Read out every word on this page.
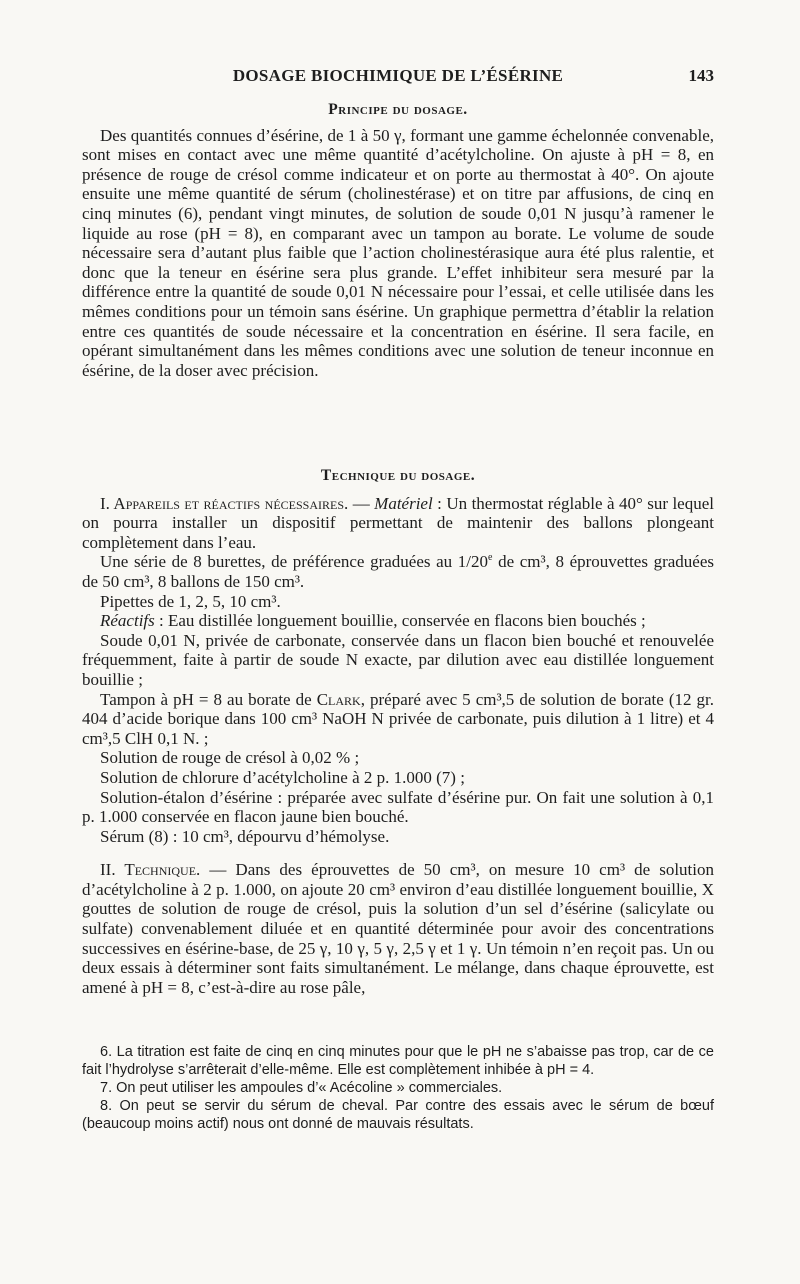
DOSAGE BIOCHIMIQUE DE L’ÉSÉRINE	143
Principe du dosage.

Des quantités connues d’ésérine, de 1 à 50 γ, formant une gamme échelonnée convenable, sont mises en contact avec une même quantité d’acétylcholine. On ajuste à pH = 8, en présence de rouge de crésol comme indicateur et on porte au thermostat à 40°. On ajoute ensuite une même quantité de sérum (cholinestérase) et on titre par affusions, de cinq en cinq minutes (6), pendant vingt minutes, de solution de soude 0,01 N jusqu’à ramener le liquide au rose (pH = 8), en comparant avec un tampon au borate. Le volume de soude nécessaire sera d’autant plus faible que l’action cholinestérasique aura été plus ralentie, et donc que la teneur en ésérine sera plus grande. L’effet inhibiteur sera mesuré par la différence entre la quantité de soude 0,01 N nécessaire pour l’essai, et celle utilisée dans les mêmes conditions pour un témoin sans ésérine. Un graphique permettra d’établir la relation entre ces quantités de soude nécessaire et la concentration en ésérine. Il sera facile, en opérant simultanément dans les mêmes conditions avec une solution de teneur inconnue en ésérine, de la doser avec précision.

Technique du dosage.

I. Appareils et réactifs nécessaires. — Matériel : Un thermostat réglable à 40° sur lequel on pourra installer un dispositif permettant de maintenir des ballons plongeant complètement dans l’eau.

Une série de 8 burettes, de préférence graduées au 1/20e de cm³, 8 éprouvettes graduées de 50 cm³, 8 ballons de 150 cm³.

Pipettes de 1, 2, 5, 10 cm³.

Réactifs : Eau distillée longuement bouillie, conservée en flacons bien bouchés ;

Soude 0,01 N, privée de carbonate, conservée dans un flacon bien bouché et renouvelée fréquemment, faite à partir de soude N exacte, par dilution avec eau distillée longuement bouillie ;

Tampon à pH = 8 au borate de Clark, préparé avec 5 cm³,5 de solution de borate (12 gr. 404 d’acide borique dans 100 cm³ NaOH N privée de carbonate, puis dilution à 1 litre) et 4 cm³,5 ClH 0,1 N. ;

Solution de rouge de crésol à 0,02 % ;

Solution de chlorure d’acétylcholine à 2 p. 1.000 (7) ;

Solution-étalon d’ésérine : préparée avec sulfate d’ésérine pur. On fait une solution à 0,1 p. 1.000 conservée en flacon jaune bien bouché.

Sérum (8) : 10 cm³, dépourvu d’hémolyse.

II. Technique. — Dans des éprouvettes de 50 cm³, on mesure 10 cm³ de solution d’acétylcholine à 2 p. 1.000, on ajoute 20 cm³ environ d’eau distillée longuement bouillie, X gouttes de solution de rouge de crésol, puis la solution d’un sel d’ésérine (salicylate ou sulfate) convenablement diluée et en quantité déterminée pour avoir des concentrations successives en ésérine-base, de 25 γ, 10 γ, 5 γ, 2,5 γ et 1 γ. Un témoin n’en reçoit pas. Un ou deux essais à déterminer sont faits simultanément. Le mélange, dans chaque éprouvette, est amené à pH = 8, c’est-à-dire au rose pâle,

6. La titration est faite de cinq en cinq minutes pour que le pH ne s’abaisse pas trop, car de ce fait l’hydrolyse s’arrêterait d’elle-même. Elle est complètement inhibée à pH = 4.

7. On peut utiliser les ampoules d’« Acécoline » commerciales.

8. On peut se servir du sérum de cheval. Par contre des essais avec le sérum de bœuf (beaucoup moins actif) nous ont donné de mauvais résultats.
